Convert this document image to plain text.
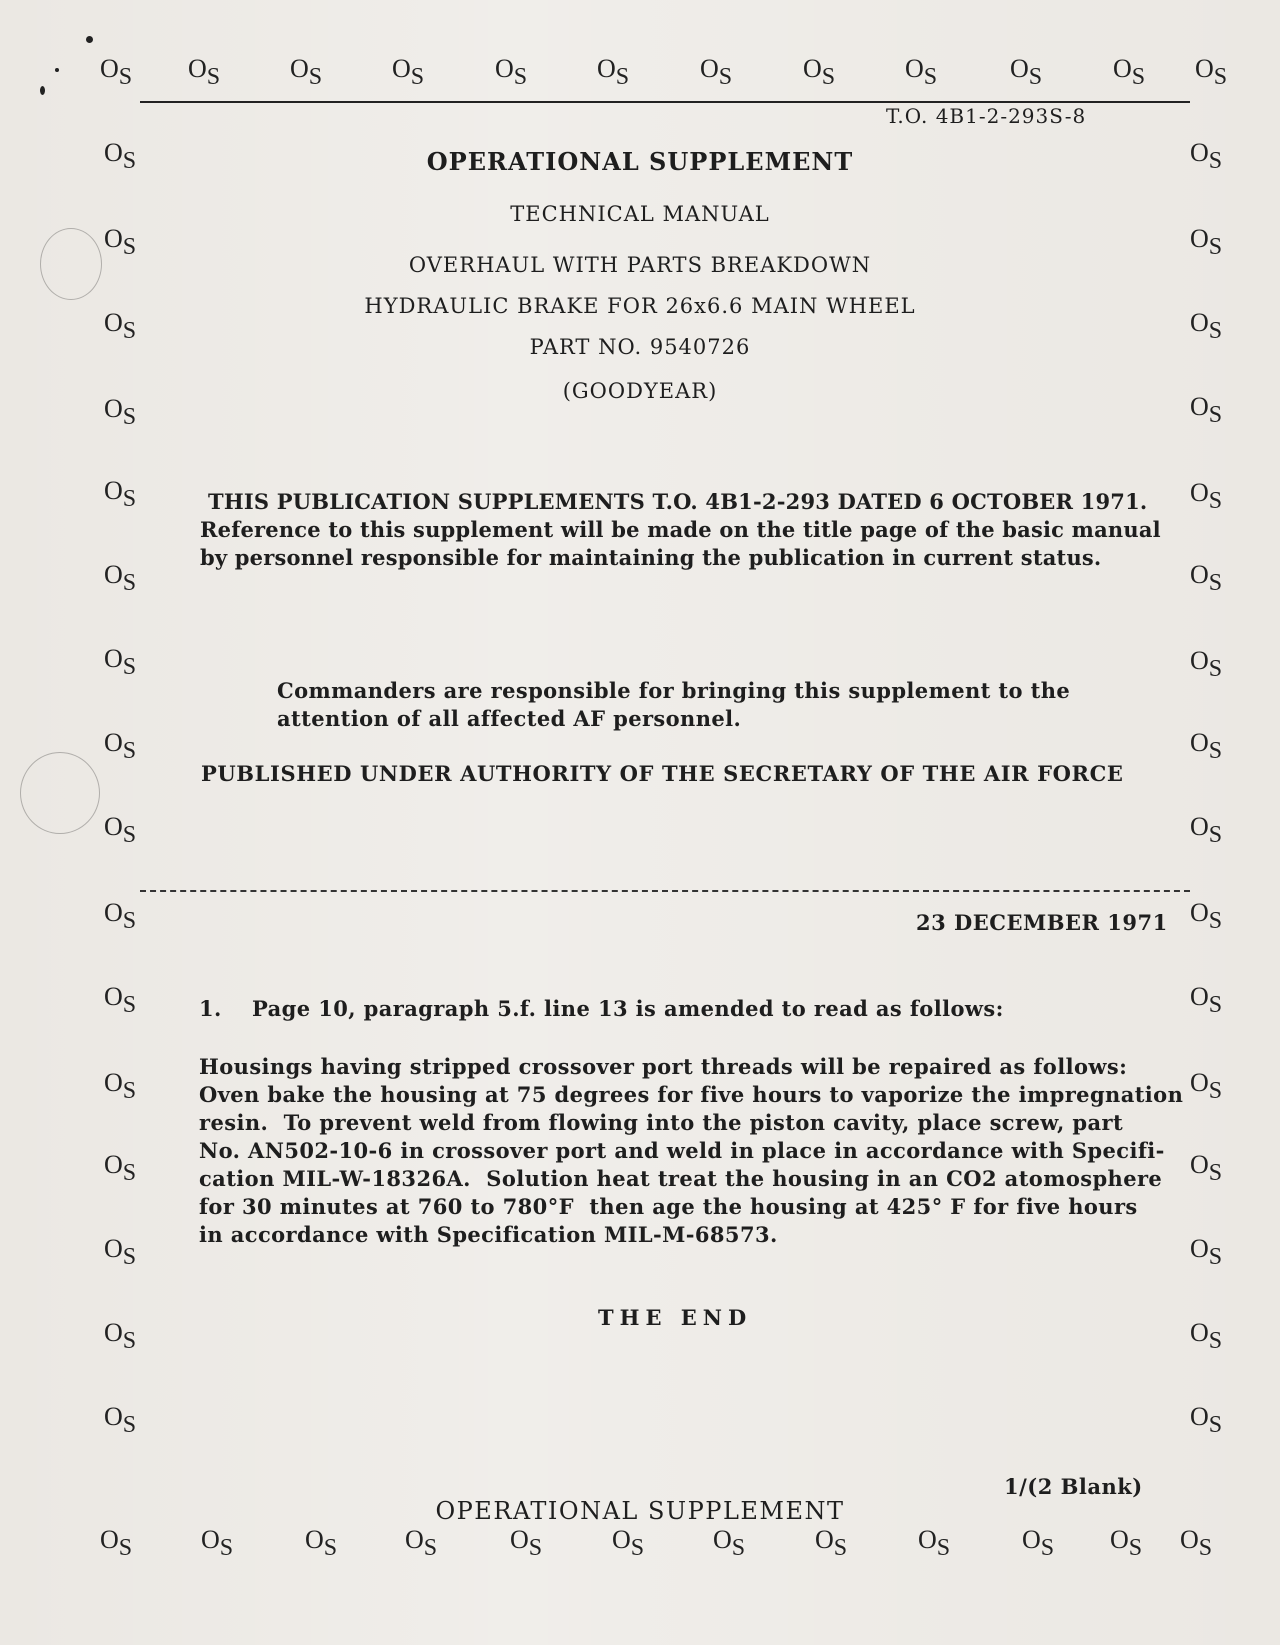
OS OS	OS	OS	OS	OS	OS	OS	OS	OS	OS OS
OS	OS	OS	OS	OS	OS	OS	OS	OS	OS OS OS
OS
OS
OS
OS
OS
OS
OS
OS
OS
OS
OS
OS
OS
OS
OS
OS
OS
OS
OS
OS
OS
OS
OS
OS
OS
OS
OS
OS
OS
OS
OS
OS
T.O. 4B1-2-293S-8
OPERATIONAL SUPPLEMENT
TECHNICAL MANUAL
OVERHAUL WITH PARTS BREAKDOWN
HYDRAULIC BRAKE FOR 26x6.6 MAIN WHEEL
PART NO. 9540726
(GOODYEAR)
THIS PUBLICATION SUPPLEMENTS T.O. 4B1-2-293 DATED 6 OCTOBER 1971.
Reference to this supplement will be made on the title page of the basic manual
by personnel responsible for maintaining the publication in current status.
Commanders are responsible for bringing this supplement to the
attention of all affected AF personnel.
PUBLISHED UNDER AUTHORITY OF THE SECRETARY OF THE AIR FORCE
23 DECEMBER 1971
1. Page 10, paragraph 5.f. line 13 is amended to read as follows:
Housings having stripped crossover port threads will be repaired as follows:
Oven bake the housing at 75 degrees for five hours to vaporize the impregnation
resin.  To prevent weld from flowing into the piston cavity, place screw, part
No. AN502-10-6 in crossover port and weld in place in accordance with Specifi-
cation MIL-W-18326A.  Solution heat treat the housing in an CO2 atomosphere
for 30 minutes at 760 to 780°F  then age the housing at 425° F for five hours
in accordance with Specification MIL-M-68573.
THE END
1/(2 Blank)
OPERATIONAL SUPPLEMENT
